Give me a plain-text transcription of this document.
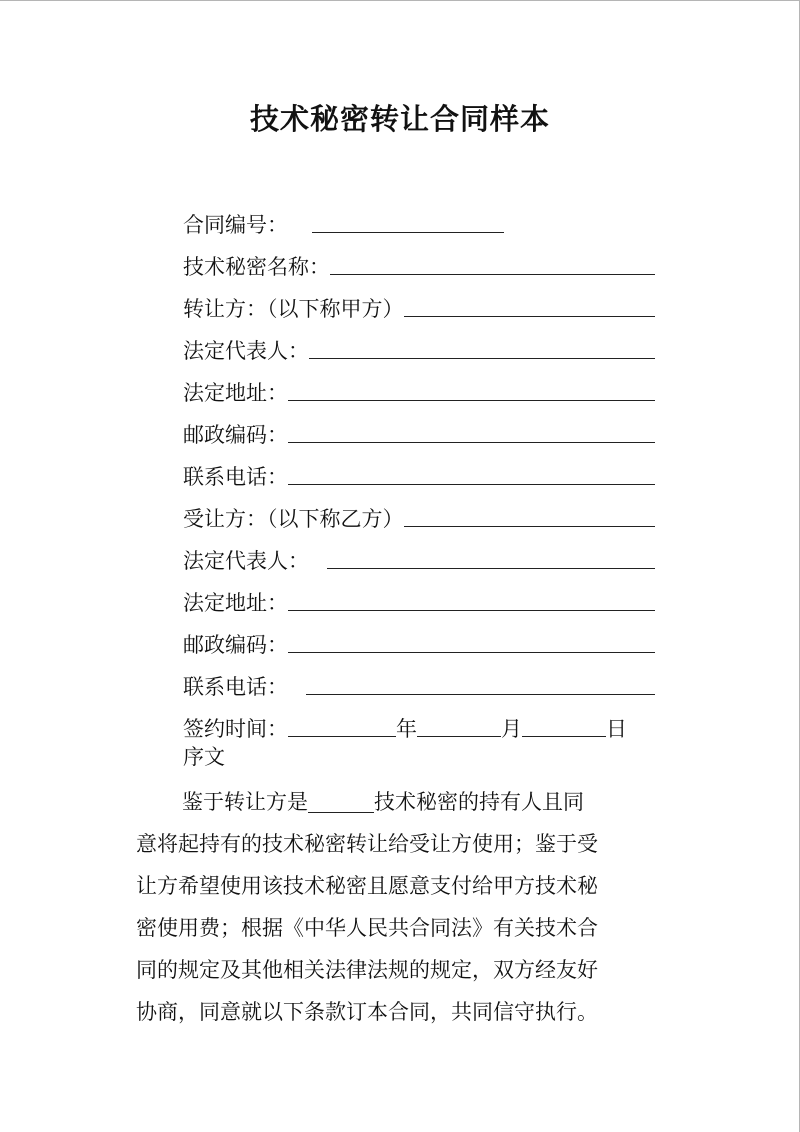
技术秘密转让合同样本
合同编号：
技术秘密名称：
转让方：（以下称甲方）
法定代表人：
法定地址：
邮政编码：
联系电话：
受让方：（以下称乙方）
法定代表人：
法定地址：
邮政编码：
联系电话：
签约时间：	年	月	日
序文
鉴于转让方是	技术秘密的持有人且同
意将起持有的技术秘密转让给受让方使用；鉴于受
让方希望使用该技术秘密且愿意支付给甲方技术秘
密使用费；根据《中华人民共合同法》有关技术合
同的规定及其他相关法律法规的规定，双方经友好
协商，同意就以下条款订本合同，共同信守执行。
